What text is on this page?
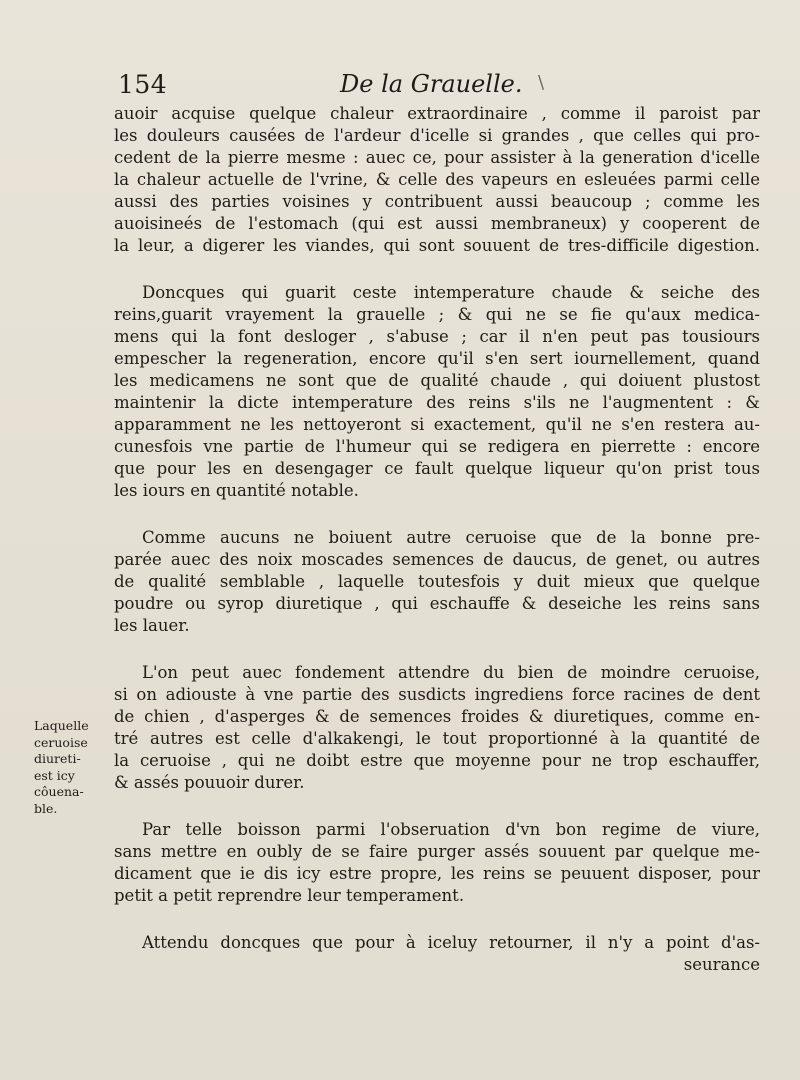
154	De la Grauelle. \
auoir acquise quelque chaleur extraordinaire , comme il paroist par
les douleurs causées de l'ardeur d'icelle si grandes , que celles qui pro-
cedent de la pierre mesme : auec ce, pour assister à la generation d'icelle
la chaleur actuelle de l'vrine, & celle des vapeurs en esleuées parmi celle
aussi des parties voisines y contribuent aussi beaucoup ; comme les
auoisineés de l'estomach (qui est aussi membraneux) y cooperent de
la leur, a digerer les viandes, qui sont souuent de tres-difficile digestion.
Doncques qui guarit ceste intemperature chaude & seiche des
reins,guarit vrayement la grauelle ; & qui ne se fie qu'aux medica-
mens qui la font desloger , s'abuse ; car il n'en peut pas tousiours
empescher la regeneration, encore qu'il s'en sert iournellement, quand
les medicamens ne sont que de qualité chaude , qui doiuent plustost
maintenir la dicte intemperature des reins s'ils ne l'augmentent : &
apparamment ne les nettoyeront si exactement, qu'il ne s'en restera au-
cunesfois vne partie de l'humeur qui se redigera en pierrette : encore
que pour les en desengager ce fault quelque liqueur qu'on prist tous
les iours en quantité notable.
Comme aucuns ne boiuent autre ceruoise que de la bonne pre-
parée auec des noix moscades semences de daucus, de genet, ou autres
de qualité semblable , laquelle toutesfois y duit mieux que quelque
poudre ou syrop diuretique , qui eschauffe & deseiche les reins sans
les lauer.
L'on peut auec fondement attendre du bien de moindre ceruoise,
si on adiouste à vne partie des susdicts ingrediens force racines de dent
de chien , d'asperges & de semences froides & diuretiques, comme en-
tré autres est celle d'alkakengi, le tout proportionné à la quantité de
la ceruoise , qui ne doibt estre que moyenne pour ne trop eschauffer,
& assés pouuoir durer.
Par telle boisson parmi l'obseruation d'vn bon regime de viure,
sans mettre en oubly de se faire purger assés souuent par quelque me-
dicament que ie dis icy estre propre, les reins se peuuent disposer, pour
petit a petit reprendre leur temperament.
Attendu doncques que pour à iceluy retourner, il n'y a point d'as-
seurance
Laquelle
ceruoise
diureti-
est icy
côuena-
ble.
